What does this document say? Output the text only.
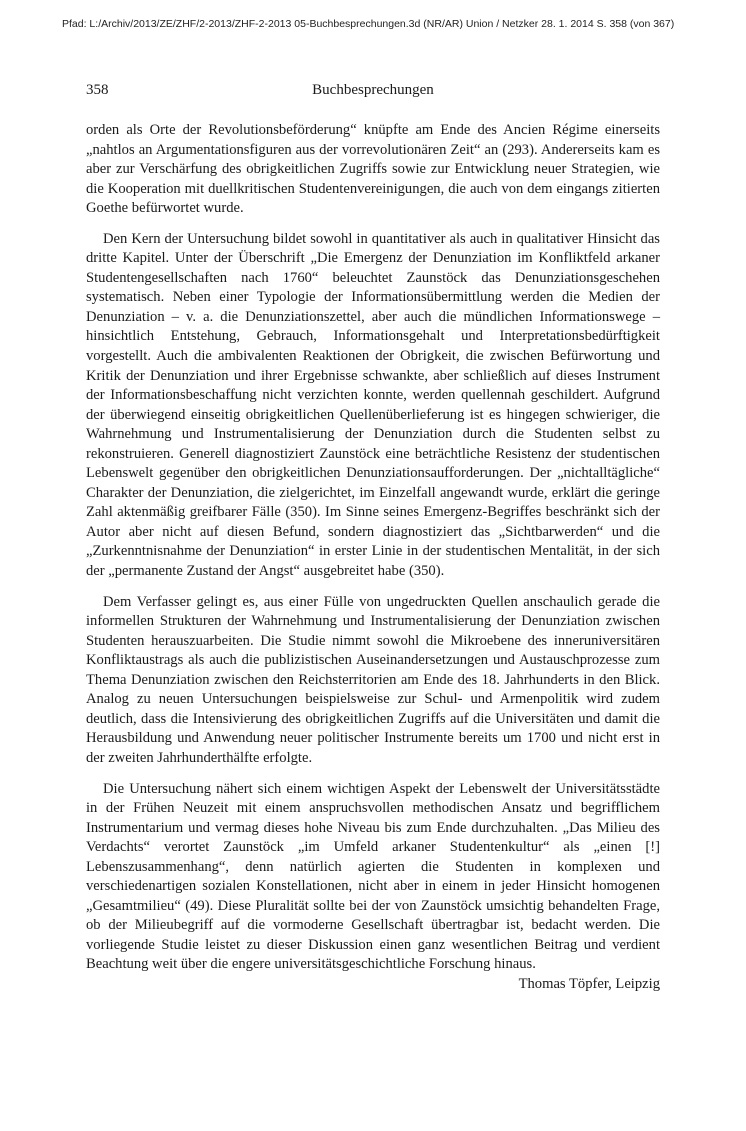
Pfad: L:/Archiv/2013/ZE/ZHF/2-2013/ZHF-2-2013 05-Buchbesprechungen.3d (NR/AR) Union / Netzker 28. 1. 2014 S. 358 (von 367)
358	Buchbesprechungen

orden als Orte der Revolutionsbeförderung“ knüpfte am Ende des Ancien Régime einerseits „nahtlos an Argumentationsfiguren aus der vorrevolutionären Zeit“ an (293). Andererseits kam es aber zur Verschärfung des obrigkeitlichen Zugriffs sowie zur Entwicklung neuer Strategien, wie die Kooperation mit duellkritischen Studentenvereinigungen, die auch von dem eingangs zitierten Goethe befürwortet wurde.

Den Kern der Untersuchung bildet sowohl in quantitativer als auch in qualitativer Hinsicht das dritte Kapitel. Unter der Überschrift „Die Emergenz der Denunziation im Konfliktfeld arkaner Studentengesellschaften nach 1760“ beleuchtet Zaunstöck das Denunziationsgeschehen systematisch. Neben einer Typologie der Informationsübermittlung werden die Medien der Denunziation – v. a. die Denunziationszettel, aber auch die mündlichen Informationswege – hinsichtlich Entstehung, Gebrauch, Informationsgehalt und Interpretationsbedürftigkeit vorgestellt. Auch die ambivalenten Reaktionen der Obrigkeit, die zwischen Befürwortung und Kritik der Denunziation und ihrer Ergebnisse schwankte, aber schließlich auf dieses Instrument der Informationsbeschaffung nicht verzichten konnte, werden quellennah geschildert. Aufgrund der überwiegend einseitig obrigkeitlichen Quellenüberlieferung ist es hingegen schwieriger, die Wahrnehmung und Instrumentalisierung der Denunziation durch die Studenten selbst zu rekonstruieren. Generell diagnostiziert Zaunstöck eine beträchtliche Resistenz der studentischen Lebenswelt gegenüber den obrigkeitlichen Denunziationsaufforderungen. Der „nichtalltägliche“ Charakter der Denunziation, die zielgerichtet, im Einzelfall angewandt wurde, erklärt die geringe Zahl aktenmäßig greifbarer Fälle (350). Im Sinne seines Emergenz-Begriffes beschränkt sich der Autor aber nicht auf diesen Befund, sondern diagnostiziert das „Sichtbarwerden“ und die „Zurkenntnisnahme der Denunziation“ in erster Linie in der studentischen Mentalität, in der sich der „permanente Zustand der Angst“ ausgebreitet habe (350).

Dem Verfasser gelingt es, aus einer Fülle von ungedruckten Quellen anschaulich gerade die informellen Strukturen der Wahrnehmung und Instrumentalisierung der Denunziation zwischen Studenten herauszuarbeiten. Die Studie nimmt sowohl die Mikroebene des inneruniversitären Konfliktaustrags als auch die publizistischen Auseinandersetzungen und Austauschprozesse zum Thema Denunziation zwischen den Reichsterritorien am Ende des 18. Jahrhunderts in den Blick. Analog zu neuen Untersuchungen beispielsweise zur Schul- und Armenpolitik wird zudem deutlich, dass die Intensivierung des obrigkeitlichen Zugriffs auf die Universitäten und damit die Herausbildung und Anwendung neuer politischer Instrumente bereits um 1700 und nicht erst in der zweiten Jahrhunderthälfte erfolgte.

Die Untersuchung nähert sich einem wichtigen Aspekt der Lebenswelt der Universitätsstädte in der Frühen Neuzeit mit einem anspruchsvollen methodischen Ansatz und begrifflichem Instrumentarium und vermag dieses hohe Niveau bis zum Ende durchzuhalten. „Das Milieu des Verdachts“ verortet Zaunstöck „im Umfeld arkaner Studentenkultur“ als „einen [!] Lebenszusammenhang“, denn natürlich agierten die Studenten in komplexen und verschiedenartigen sozialen Konstellationen, nicht aber in einem in jeder Hinsicht homogenen „Gesamtmilieu“ (49). Diese Pluralität sollte bei der von Zaunstöck umsichtig behandelten Frage, ob der Milieubegriff auf die vormoderne Gesellschaft übertragbar ist, bedacht werden. Die vorliegende Studie leistet zu dieser Diskussion einen ganz wesentlichen Beitrag und verdient Beachtung weit über die engere universitätsgeschichtliche Forschung hinaus.

Thomas Töpfer, Leipzig
